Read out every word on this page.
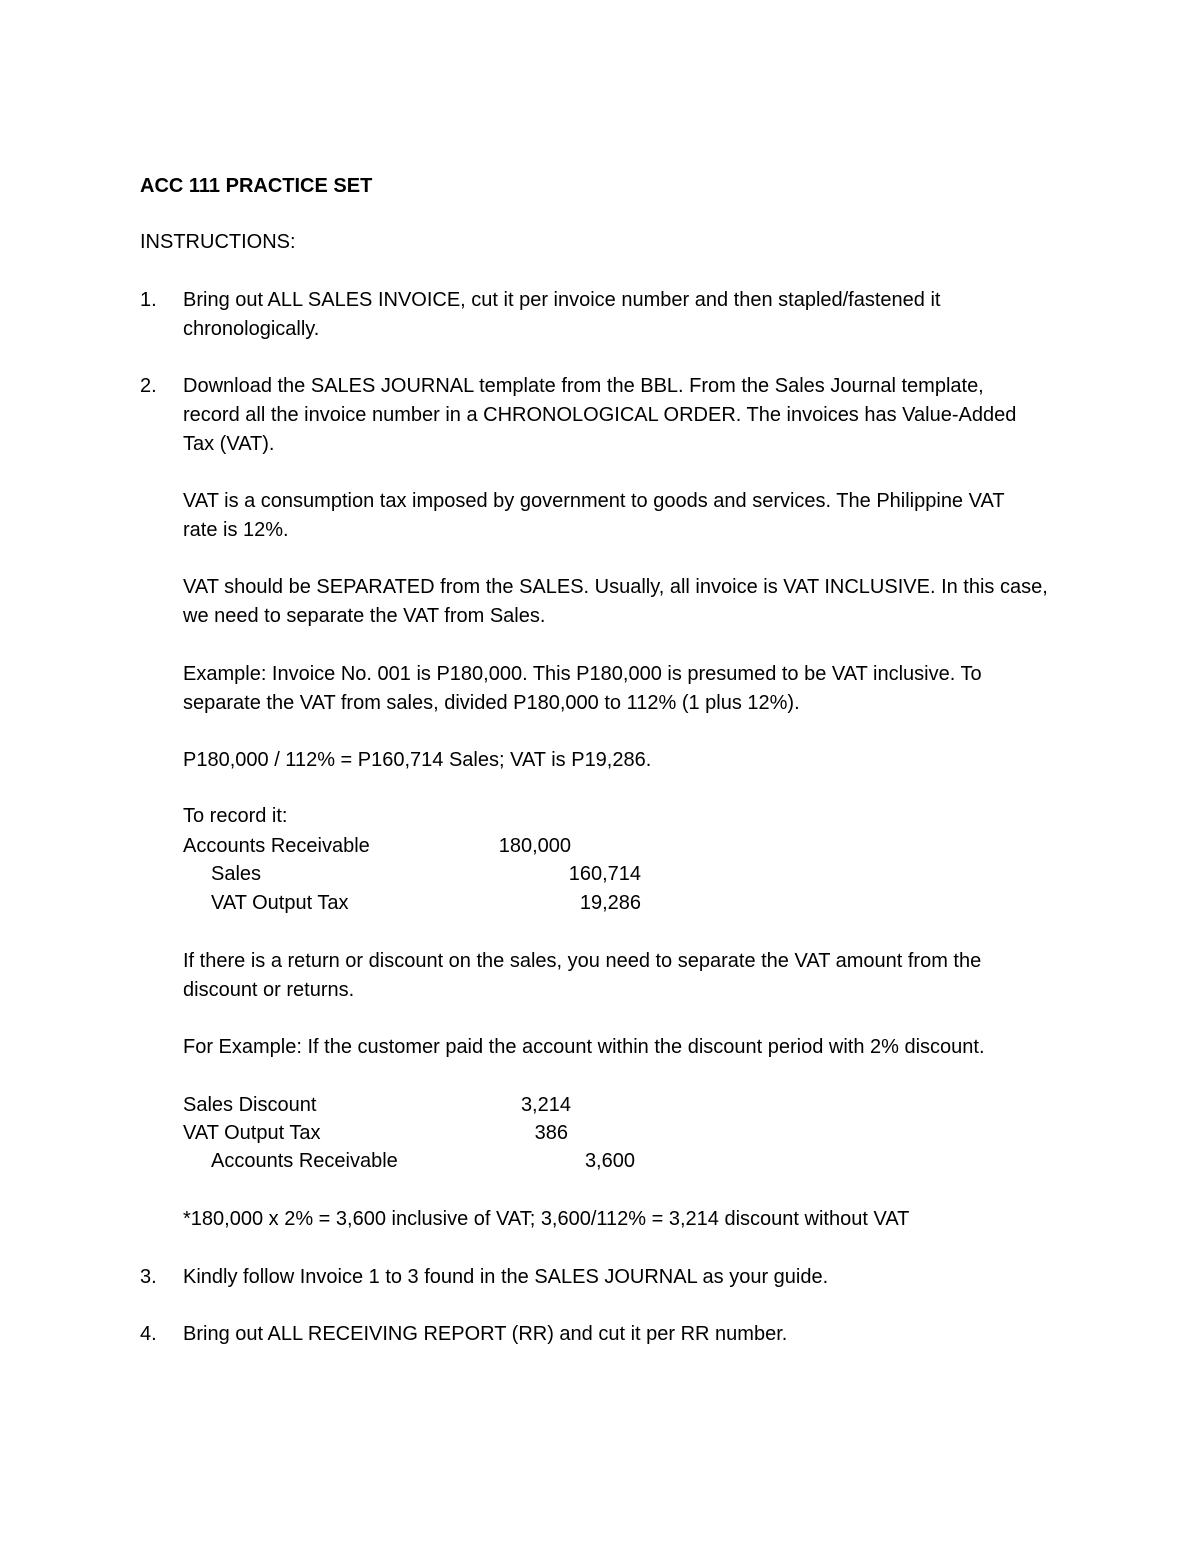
ACC 111 PRACTICE SET
INSTRUCTIONS:
1.	Bring out ALL SALES INVOICE, cut it per invoice number and then stapled/fastened it
chronologically.
2.	Download the SALES JOURNAL template from the BBL. From the Sales Journal template,
record all the invoice number in a CHRONOLOGICAL ORDER. The invoices has Value-Added
Tax (VAT).
VAT is a consumption tax imposed by government to goods and services. The Philippine VAT
rate is 12%.
VAT should be SEPARATED from the SALES. Usually, all invoice is VAT INCLUSIVE. In this case,
we need to separate the VAT from Sales.
Example: Invoice No. 001 is P180,000. This P180,000 is presumed to be VAT inclusive. To
separate the VAT from sales, divided P180,000 to 112% (1 plus 12%).
P180,000 / 112% = P160,714 Sales; VAT is P19,286.
To record it:
Accounts Receivable	180,000
Sales	160,714
VAT Output Tax	19,286
If there is a return or discount on the sales, you need to separate the VAT amount from the
discount or returns.
For Example: If the customer paid the account within the discount period with 2% discount.
Sales Discount	3,214
VAT Output Tax	386
Accounts Receivable	3,600
*180,000 x 2% = 3,600 inclusive of VAT; 3,600/112% = 3,214 discount without VAT
3.	Kindly follow Invoice 1 to 3 found in the SALES JOURNAL as your guide.
4.	Bring out ALL RECEIVING REPORT (RR) and cut it per RR number.
